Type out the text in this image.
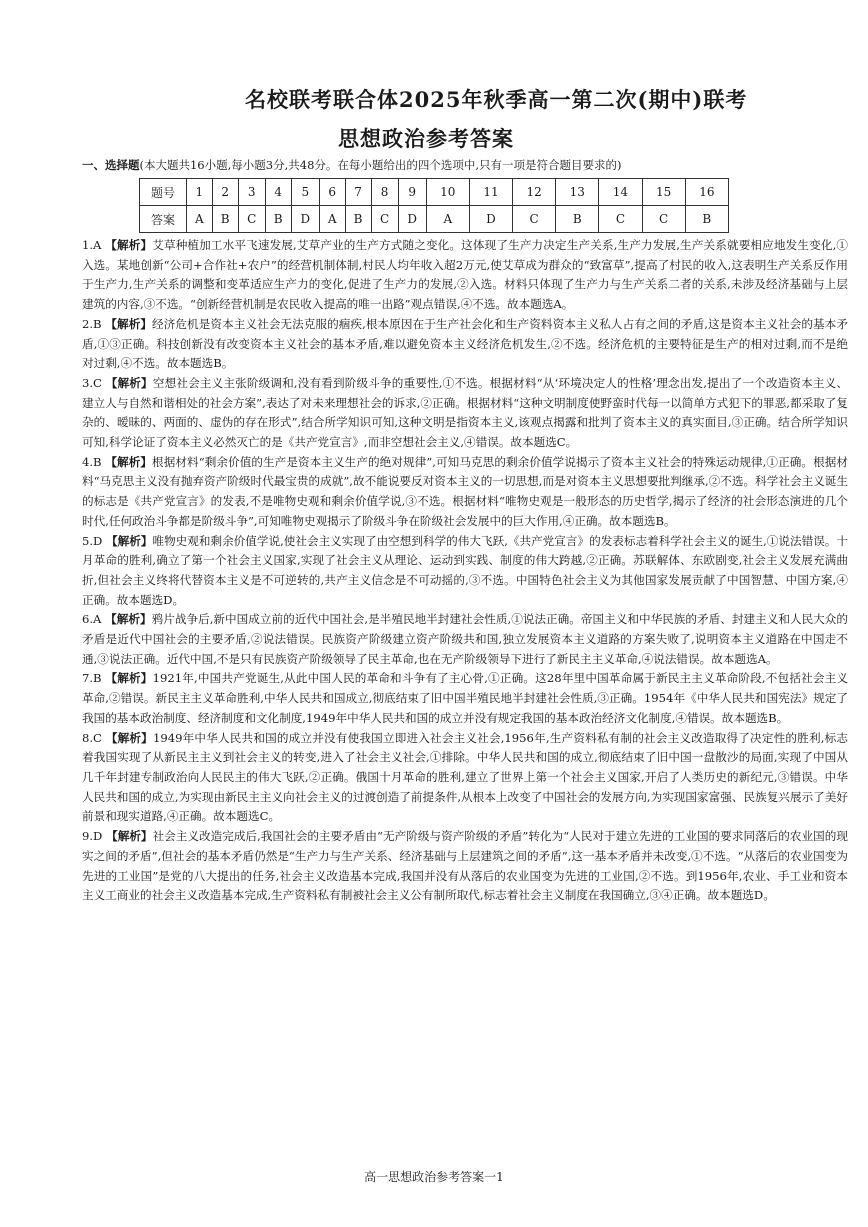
名校联考联合体2025年秋季高一第二次(期中)联考
思想政治参考答案
一、选择题(本大题共16小题,每小题3分,共48分。在每小题给出的四个选项中,只有一项是符合题目要求的)
题号	1	2	3	4	5	6	7	8	9	10	11	12	13	14	15	16
答案	A	B	C	B	D	A	B	C	D	A	D	C	B	C	C	B

1.A 【解析】艾草种植加工水平飞速发展,艾草产业的生产方式随之变化。这体现了生产力决定生产关系,生产力发展,生产关系就要相应地发生变化,①入选。某地创新“公司+合作社+农户”的经营机制体制,村民人均年收入超2万元,使艾草成为群众的“致富草”,提高了村民的收入,这表明生产关系反作用于生产力,生产关系的调整和变革适应生产力的变化,促进了生产力的发展,②入选。材料只体现了生产力与生产关系二者的关系,未涉及经济基础与上层建筑的内容,③不选。“创新经营机制是农民收入提高的唯一出路”观点错误,④不选。故本题选A。

2.B 【解析】经济危机是资本主义社会无法克服的痼疾,根本原因在于生产社会化和生产资料资本主义私人占有之间的矛盾,这是资本主义社会的基本矛盾,①③正确。科技创新没有改变资本主义社会的基本矛盾,难以避免资本主义经济危机发生,②不选。经济危机的主要特征是生产的相对过剩,而不是绝对过剩,④不选。故本题选B。

3.C 【解析】空想社会主义主张阶级调和,没有看到阶级斗争的重要性,①不选。根据材料“从‘环境决定人的性格’理念出发,提出了一个改造资本主义、建立人与自然和谐相处的社会方案”,表达了对未来理想社会的诉求,②正确。根据材料“这种文明制度使野蛮时代每一以简单方式犯下的罪恶,都采取了复杂的、暧昧的、两面的、虚伪的存在形式”,结合所学知识可知,这种文明是指资本主义,该观点揭露和批判了资本主义的真实面目,③正确。结合所学知识可知,科学论证了资本主义必然灭亡的是《共产党宣言》,而非空想社会主义,④错误。故本题选C。

4.B 【解析】根据材料“剩余价值的生产是资本主义生产的绝对规律”,可知马克思的剩余价值学说揭示了资本主义社会的特殊运动规律,①正确。根据材料“马克思主义没有抛弃资产阶级时代最宝贵的成就”,故不能说要反对资本主义的一切思想,而是对资本主义思想要批判继承,②不选。科学社会主义诞生的标志是《共产党宣言》的发表,不是唯物史观和剩余价值学说,③不选。根据材料“唯物史观是一般形态的历史哲学,揭示了经济的社会形态演进的几个时代,任何政治斗争都是阶级斗争”,可知唯物史观揭示了阶级斗争在阶级社会发展中的巨大作用,④正确。故本题选B。

5.D 【解析】唯物史观和剩余价值学说,使社会主义实现了由空想到科学的伟大飞跃,《共产党宣言》的发表标志着科学社会主义的诞生,①说法错误。十月革命的胜利,确立了第一个社会主义国家,实现了社会主义从理论、运动到实践、制度的伟大跨越,②正确。苏联解体、东欧剧变,社会主义发展充满曲折,但社会主义终将代替资本主义是不可逆转的,共产主义信念是不可动摇的,③不选。中国特色社会主义为其他国家发展贡献了中国智慧、中国方案,④正确。故本题选D。

6.A 【解析】鸦片战争后,新中国成立前的近代中国社会,是半殖民地半封建社会性质,①说法正确。帝国主义和中华民族的矛盾、封建主义和人民大众的矛盾是近代中国社会的主要矛盾,②说法错误。民族资产阶级建立资产阶级共和国,独立发展资本主义道路的方案失败了,说明资本主义道路在中国走不通,③说法正确。近代中国,不是只有民族资产阶级领导了民主革命,也在无产阶级领导下进行了新民主主义革命,④说法错误。故本题选A。

7.B 【解析】1921年,中国共产党诞生,从此中国人民的革命和斗争有了主心骨,①正确。这28年里中国革命属于新民主主义革命阶段,不包括社会主义革命,②错误。新民主主义革命胜利,中华人民共和国成立,彻底结束了旧中国半殖民地半封建社会性质,③正确。1954年《中华人民共和国宪法》规定了我国的基本政治制度、经济制度和文化制度,1949年中华人民共和国的成立并没有规定我国的基本政治经济文化制度,④错误。故本题选B。

8.C 【解析】1949年中华人民共和国的成立并没有使我国立即进入社会主义社会,1956年,生产资料私有制的社会主义改造取得了决定性的胜利,标志着我国实现了从新民主主义到社会主义的转变,进入了社会主义社会,①排除。中华人民共和国的成立,彻底结束了旧中国一盘散沙的局面,实现了中国从几千年封建专制政治向人民民主的伟大飞跃,②正确。俄国十月革命的胜利,建立了世界上第一个社会主义国家,开启了人类历史的新纪元,③错误。中华人民共和国的成立,为实现由新民主主义向社会主义的过渡创造了前提条件,从根本上改变了中国社会的发展方向,为实现国家富强、民族复兴展示了美好前景和现实道路,④正确。故本题选C。

9.D 【解析】社会主义改造完成后,我国社会的主要矛盾由“无产阶级与资产阶级的矛盾”转化为“人民对于建立先进的工业国的要求同落后的农业国的现实之间的矛盾”,但社会的基本矛盾仍然是“生产力与生产关系、经济基础与上层建筑之间的矛盾”,这一基本矛盾并未改变,①不选。“从落后的农业国变为先进的工业国”是党的八大提出的任务,社会主义改造基本完成,我国并没有从落后的农业国变为先进的工业国,②不选。到1956年,农业、手工业和资本主义工商业的社会主义改造基本完成,生产资料私有制被社会主义公有制所取代,标志着社会主义制度在我国确立,③④正确。故本题选D。

高一思想政治参考答案一1
